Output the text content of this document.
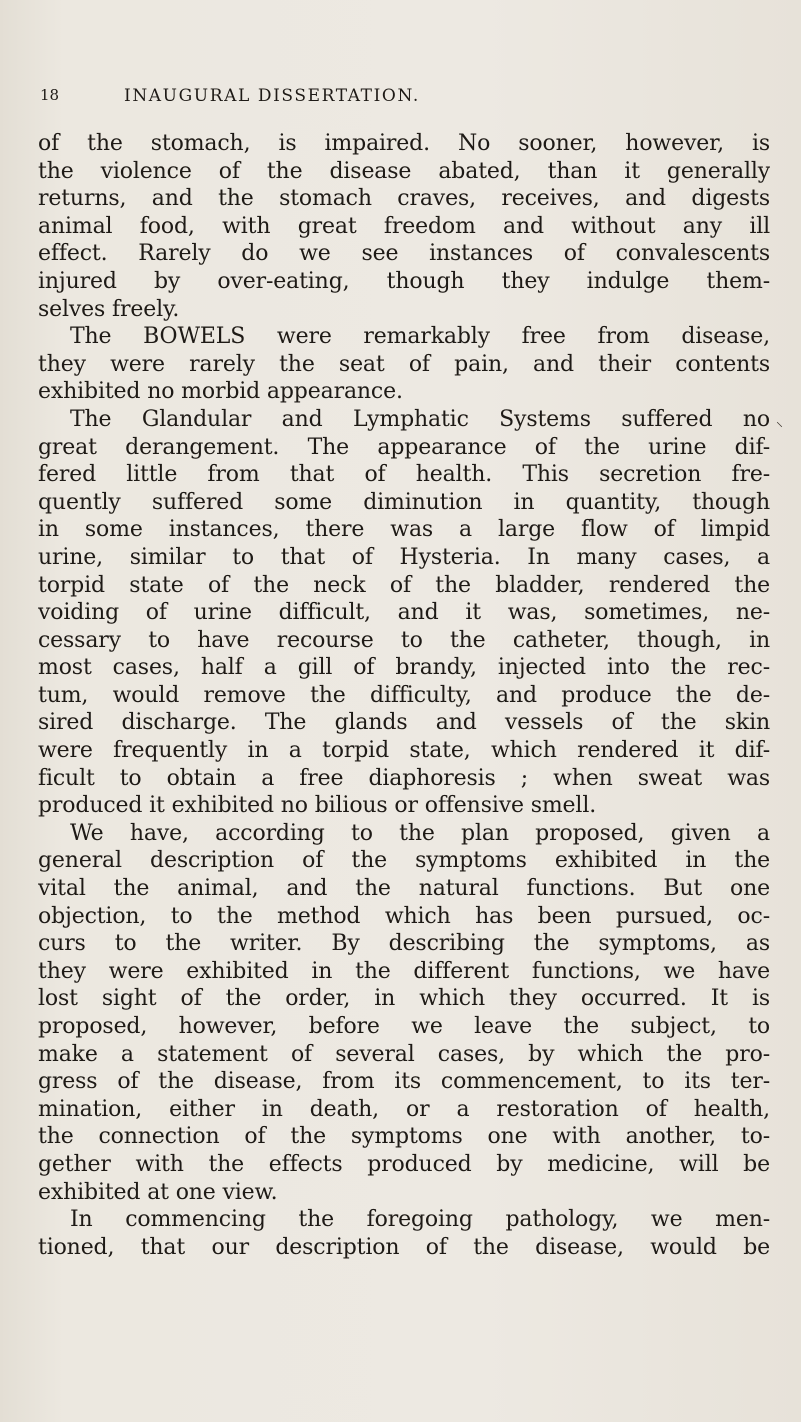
18	INAUGURAL DISSERTATION.
of the stomach, is impaired. No sooner, however, is
the violence of the disease abated, than it generally
returns, and the stomach craves, receives, and digests
animal food, with great freedom and without any ill
effect. Rarely do we see instances of convalescents
injured by over-eating, though they indulge them-
selves freely.
The BOWELS were remarkably free from disease,
they were rarely the seat of pain, and their contents
exhibited no morbid appearance.
The Glandular and Lymphatic Systems suffered no
great derangement. The appearance of the urine dif-
fered little from that of health. This secretion fre-
quently suffered some diminution in quantity, though
in some instances, there was a large flow of limpid
urine, similar to that of Hysteria. In many cases, a
torpid state of the neck of the bladder, rendered the
voiding of urine difficult, and it was, sometimes, ne-
cessary to have recourse to the catheter, though, in
most cases, half a gill of brandy, injected into the rec-
tum, would remove the difficulty, and produce the de-
sired discharge. The glands and vessels of the skin
were frequently in a torpid state, which rendered it dif-
ficult to obtain a free diaphoresis ; when sweat was
produced it exhibited no bilious or offensive smell.
We have, according to the plan proposed, given a
general description of the symptoms exhibited in the
vital the animal, and the natural functions. But one
objection, to the method which has been pursued, oc-
curs to the writer. By describing the symptoms, as
they were exhibited in the different functions, we have
lost sight of the order, in which they occurred. It is
proposed, however, before we leave the subject, to
make a statement of several cases, by which the pro-
gress of the disease, from its commencement, to its ter-
mination, either in death, or a restoration of health,
the connection of the symptoms one with another, to-
gether with the effects produced by medicine, will be
exhibited at one view.
In commencing the foregoing pathology, we men-
tioned, that our description of the disease, would be
⸜
